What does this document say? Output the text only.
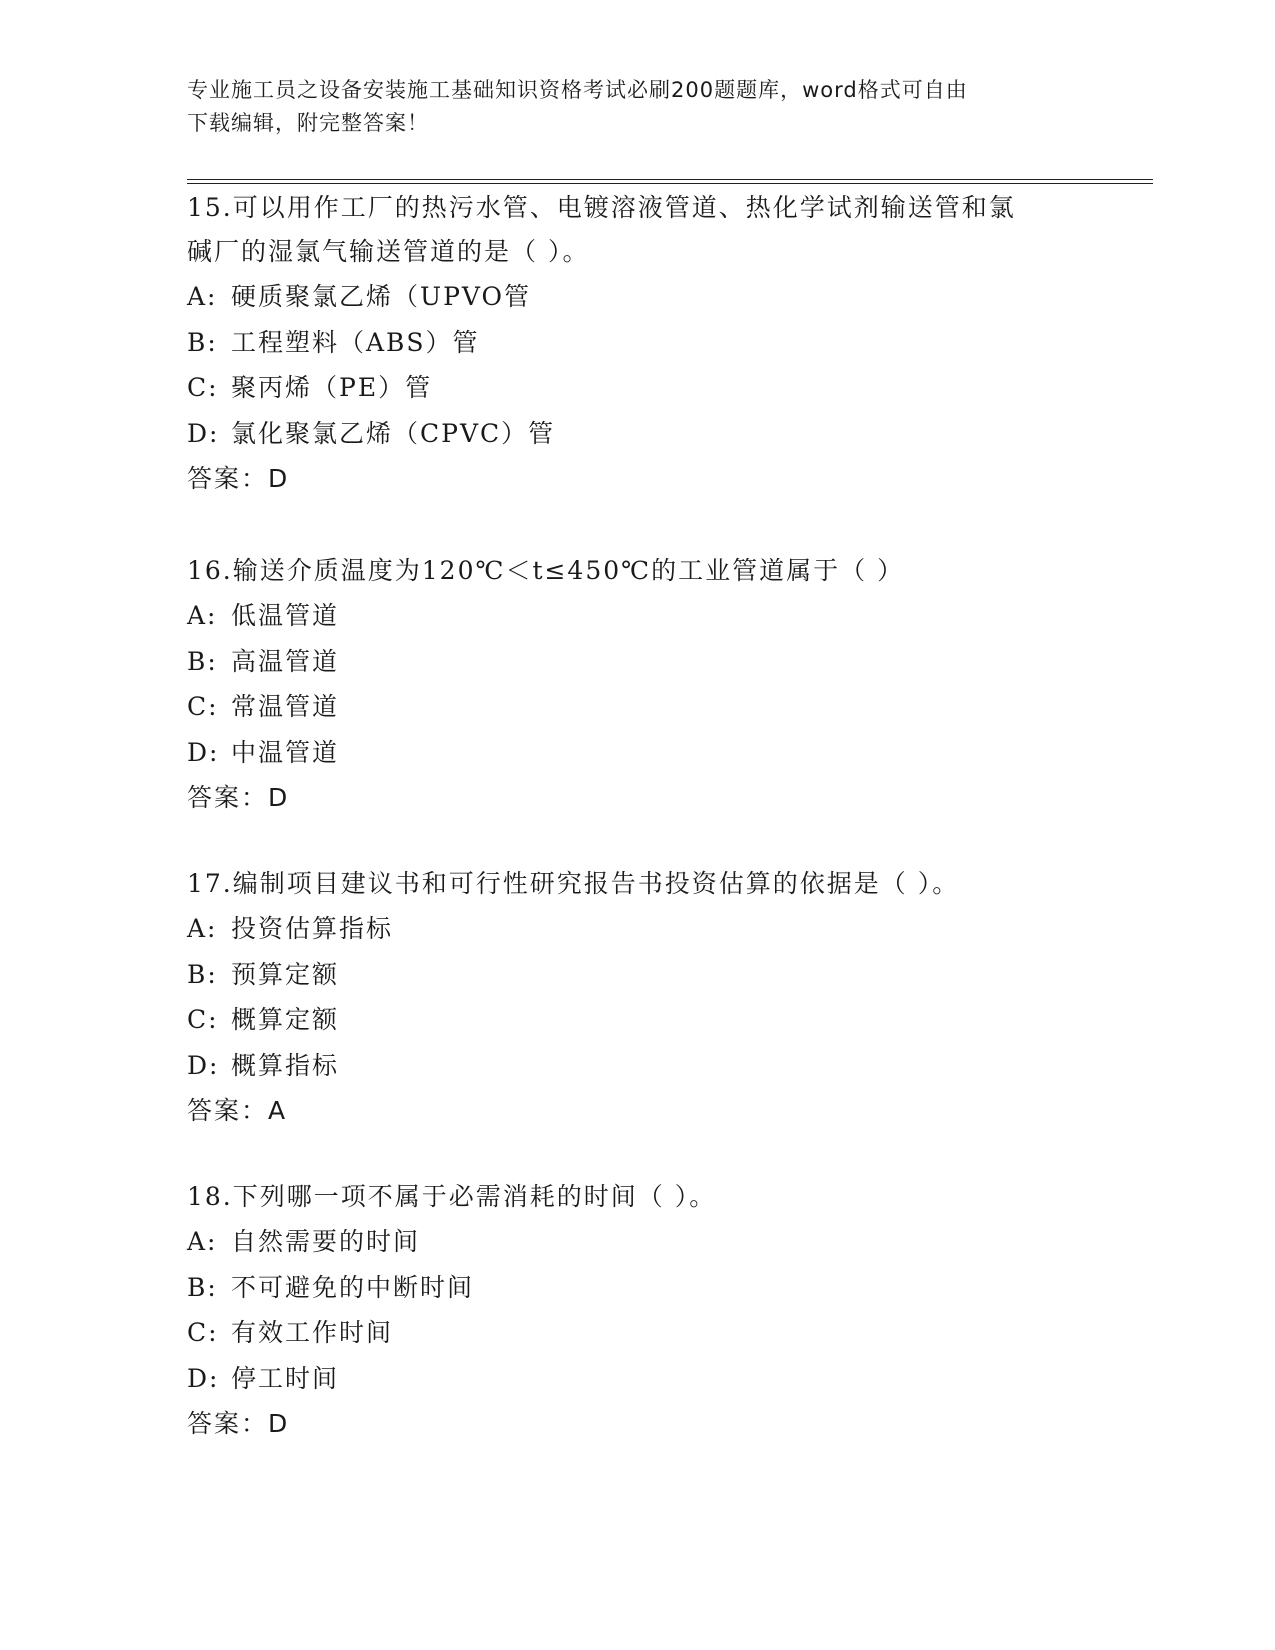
专业施工员之设备安装施工基础知识资格考试必刷200题题库，word格式可自由
下载编辑，附完整答案！

15.可以用作工厂的热污水管、电镀溶液管道、热化学试剂输送管和氯

碱厂的湿氯气输送管道的是（ ）。

A: 硬质聚氯乙烯（UPVO管

B: 工程塑料（ABS）管

C: 聚丙烯（PE）管

D: 氯化聚氯乙烯（CPVC）管

答案：D

16.输送介质温度为120℃＜t≤450℃的工业管道属于（ ）

A: 低温管道

B: 高温管道

C: 常温管道

D: 中温管道

答案：D

17.编制项目建议书和可行性研究报告书投资估算的依据是（ ）。

A: 投资估算指标

B: 预算定额

C: 概算定额

D: 概算指标

答案：A

18.下列哪一项不属于必需消耗的时间（ ）。

A: 自然需要的时间

B: 不可避免的中断时间

C: 有效工作时间

D: 停工时间

答案：D
